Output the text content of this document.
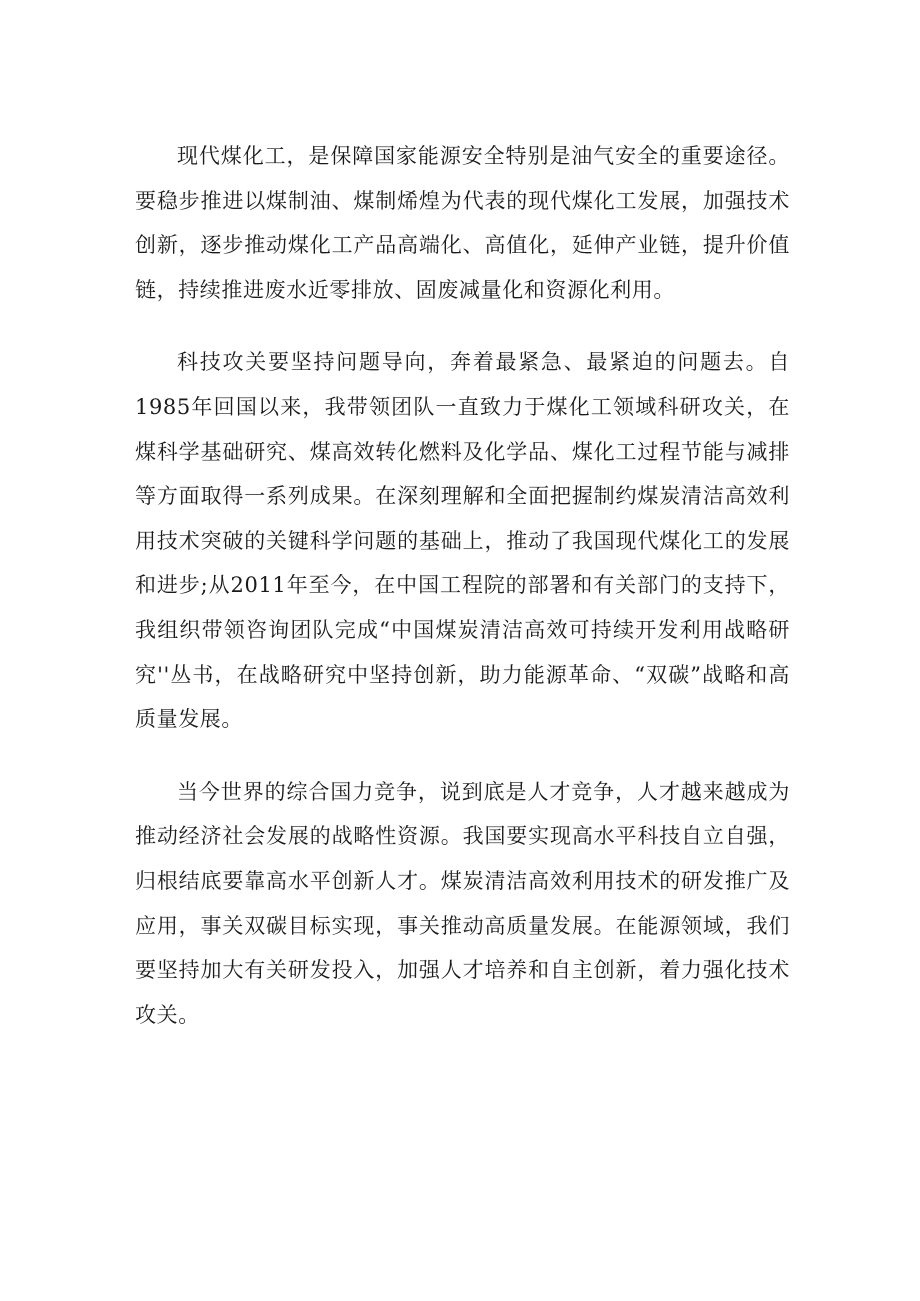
现代煤化工，是保障国家能源安全特别是油气安全的重要途径。要稳步推进以煤制油、煤制烯煌为代表的现代煤化工发展，加强技术创新，逐步推动煤化工产品高端化、高值化，延伸产业链，提升价值链，持续推进废水近零排放、固废减量化和资源化利用。

科技攻关要坚持问题导向，奔着最紧急、最紧迫的问题去。自1985年回国以来，我带领团队一直致力于煤化工领域科研攻关，在煤科学基础研究、煤高效转化燃料及化学品、煤化工过程节能与减排等方面取得一系列成果。在深刻理解和全面把握制约煤炭清洁高效利用技术突破的关键科学问题的基础上，推动了我国现代煤化工的发展和进步;从2011年至今，在中国工程院的部署和有关部门的支持下，我组织带领咨询团队完成“中国煤炭清洁高效可持续开发利用战略研究''丛书，在战略研究中坚持创新，助力能源革命、“双碳”战略和高质量发展。

当今世界的综合国力竞争，说到底是人才竞争，人才越来越成为推动经济社会发展的战略性资源。我国要实现高水平科技自立自强，归根结底要靠高水平创新人才。煤炭清洁高效利用技术的研发推广及应用，事关双碳目标实现，事关推动高质量发展。在能源领域，我们要坚持加大有关研发投入，加强人才培养和自主创新，着力强化技术攻关。
